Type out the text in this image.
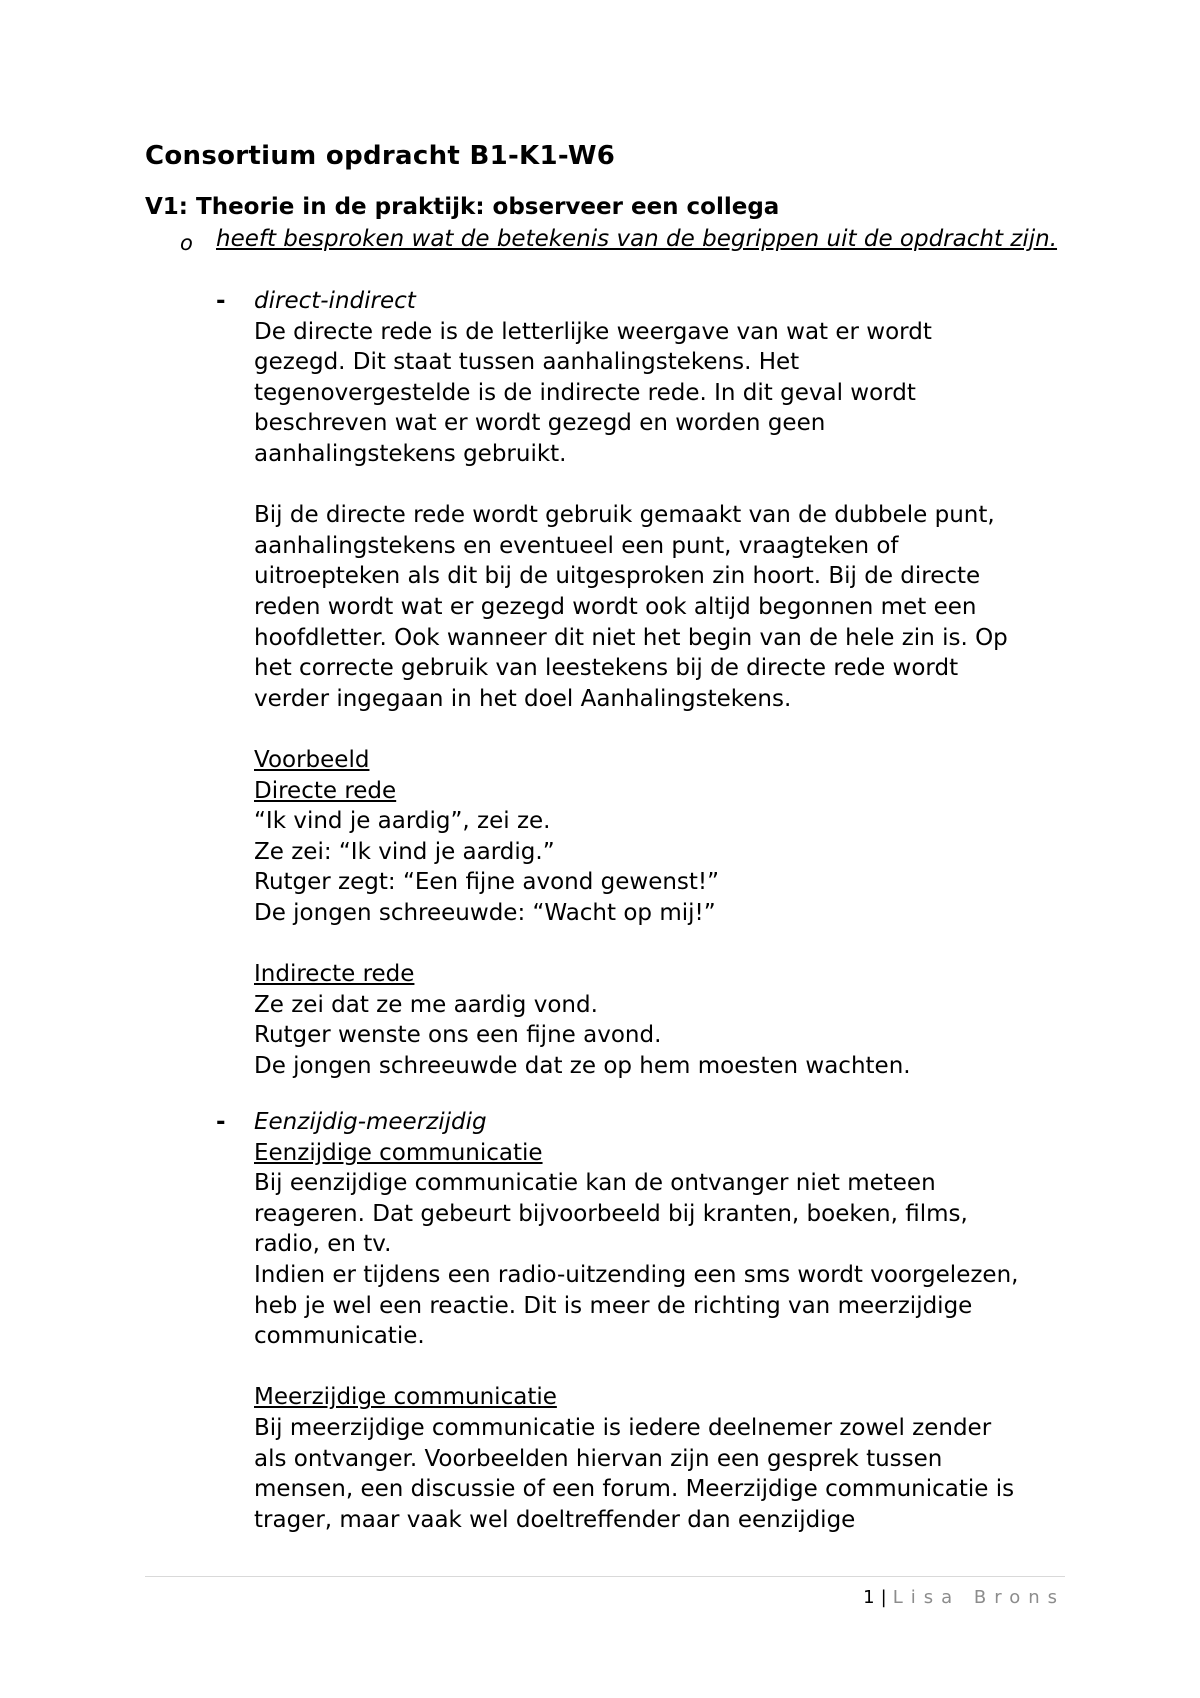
Consortium opdracht B1-K1-W6
V1: Theorie in de praktijk: observeer een collega
o heeft besproken wat de betekenis van de begrippen uit de opdracht zijn.
- direct-indirect
De directe rede is de letterlijke weergave van wat er wordt
gezegd. Dit staat tussen aanhalingstekens. Het
tegenovergestelde is de indirecte rede. In dit geval wordt
beschreven wat er wordt gezegd en worden geen
aanhalingstekens gebruikt.
Bij de directe rede wordt gebruik gemaakt van de dubbele punt,
aanhalingstekens en eventueel een punt, vraagteken of
uitroepteken als dit bij de uitgesproken zin hoort. Bij de directe
reden wordt wat er gezegd wordt ook altijd begonnen met een
hoofdletter. Ook wanneer dit niet het begin van de hele zin is. Op
het correcte gebruik van leestekens bij de directe rede wordt
verder ingegaan in het doel Aanhalingstekens.
Voorbeeld
Directe rede
“Ik vind je aardig”, zei ze.
Ze zei: “Ik vind je aardig.”
Rutger zegt: “Een fijne avond gewenst!”
De jongen schreeuwde: “Wacht op mij!”
Indirecte rede
Ze zei dat ze me aardig vond.
Rutger wenste ons een fijne avond.
De jongen schreeuwde dat ze op hem moesten wachten.
- Eenzijdig-meerzijdig
Eenzijdige communicatie
Bij eenzijdige communicatie kan de ontvanger niet meteen
reageren. Dat gebeurt bijvoorbeeld bij kranten, boeken, films,
radio, en tv.
Indien er tijdens een radio-uitzending een sms wordt voorgelezen,
heb je wel een reactie. Dit is meer de richting van meerzijdige
communicatie.
Meerzijdige communicatie
Bij meerzijdige communicatie is iedere deelnemer zowel zender
als ontvanger. Voorbeelden hiervan zijn een gesprek tussen
mensen, een discussie of een forum. Meerzijdige communicatie is
trager, maar vaak wel doeltreffender dan eenzijdige
1 | Lisa Brons
